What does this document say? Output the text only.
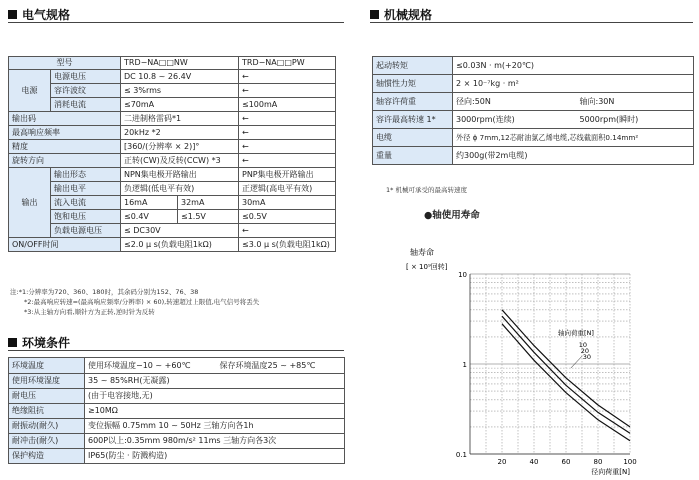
电气规格
型号		TRD−NA□□NW		TRD−NA□□PW
电源	电源电压	DC 10.8 ~ 26.4V		←
	容许波纹	≤ 3%rms		←
	消耗电流	≤70mA		≤100mA
输出码		二进制格雷码*1		←
最高响应频率		20kHz *2		←
精度		[360/(分辨率 × 2)]°		←
旋转方向		正转(CW)及反转(CCW) *3		←
输出	输出形态	NPN集电极开路输出		PNP集电极开路输出
	输出电平	负逻辑(低电平有效)		正逻辑(高电平有效)
	流入电流	16mA	32mA	30mA
	饱和电压	≤0.4V	≤1.5V	≤0.5V
	负载电源电压	≤ DC30V		←
ON/OFF时间		≤2.0 μ s(负载电阻1kΩ)		≤3.0 μ s(负载电阻1kΩ)
注:*1:分辨率为720、360、180时，其余码分别为152、76、38
*2:最高响应转速=(最高响应频率/分辨率) × 60),转速超过上限值,电气信号将丢失
*3:从主轴方向看,顺针方为正转,逆时针为反转
环境条件
环境温度	使用环境温度−10 ~ +60℃	保存环境温度25 ~ +85℃
使用环境湿度	35 ~ 85%RH(无凝露)	
耐电压	(由于电容接地,无)	
绝缘阻抗	≥10MΩ	
耐振动(耐久)	变位振幅 0.75mm 10 ~ 50Hz 三轴方向各1h	
耐冲击(耐久)	600P以上:0.35mm 980m/s² 11ms 三轴方向各3次	
保护构造	IP65(防尘 · 防溅构造)	
机械规格
起动转矩	≤0.03N · m(+20℃)	
轴惯性力矩	2 × 10⁻⁷kg · m²	
轴容许荷重	径向:50N	轴向:30N
容许最高转速 1*	3000rpm(连续)	5000rpm(瞬时)
电缆	外径 ϕ 7mm,12芯耐油氯乙烯电缆,芯线截面积0.14mm²	
重量	约300g(带2m电缆)	
1* 机械可承受的最高转速度
●轴使用寿命
轴寿命
[ × 10⁹回转]
10
1
0.1
20	40	60	80	100
径向荷重[N]
轴向荷重[N]
10
20
30
